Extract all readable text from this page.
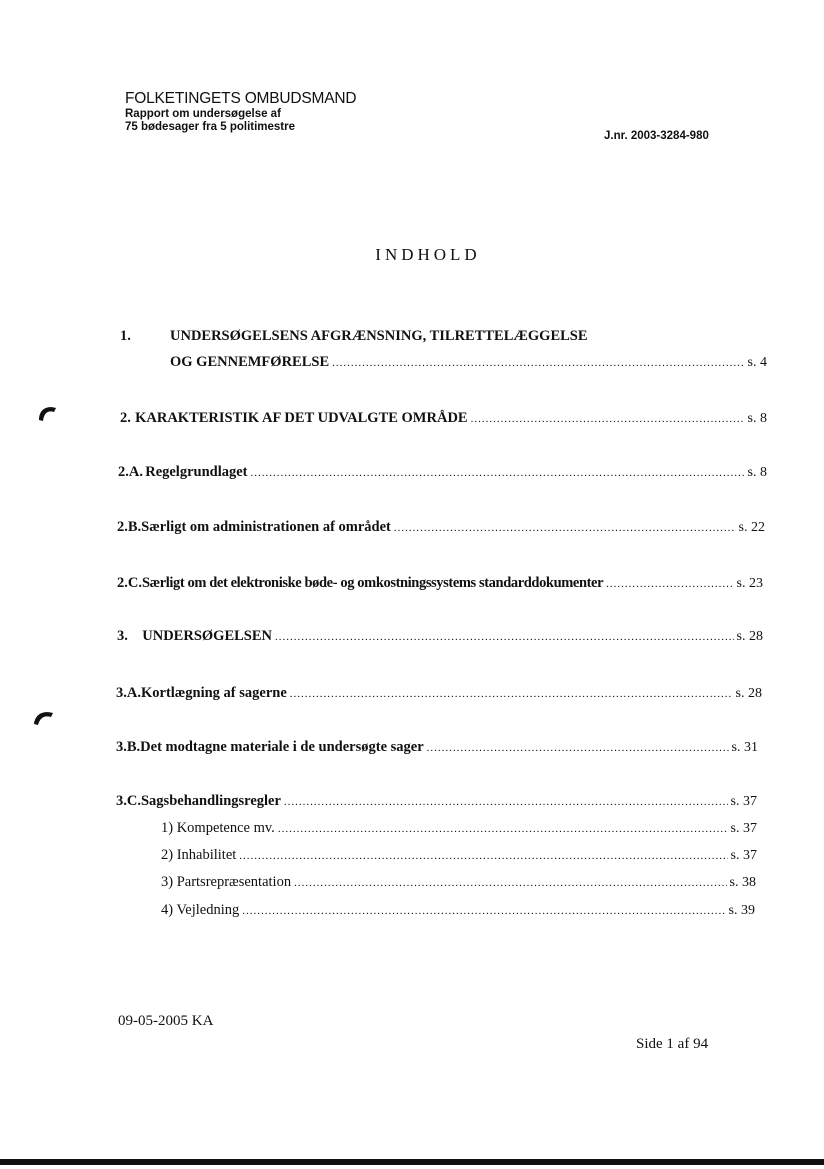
FOLKETINGETS OMBUDSMAND
Rapport om undersøgelse af
75 bødesager fra 5 politimestre
J.nr. 2003-3284-980
INDHOLD
1.	UNDERSØGELSENS AFGRÆNSNING, TILRETTELÆGGELSE
OG GENNEMFØRELSE .....	s. 4
2. KARAKTERISTIK AF DET UDVALGTE OMRÅDE .....	s. 8
2.A. Regelgrundlaget .....	s. 8
2.B. Særligt om administrationen af området .....	s. 22
2.C. Særligt om det elektroniske bøde- og omkostningssystems standarddokumenter .....	s. 23
3. UNDERSØGELSEN .....	s. 28
3.A. Kortlægning af sagerne .....	s. 28
3.B. Det modtagne materiale i de undersøgte sager .....	s. 31
3.C. Sagsbehandlingsregler .....	s. 37
1) Kompetence mv. .....	s. 37
2) Inhabilitet .....	s. 37
3) Partsrepræsentation .....	s. 38
4) Vejledning .....	s. 39
09-05-2005 KA
Side 1 af 94
